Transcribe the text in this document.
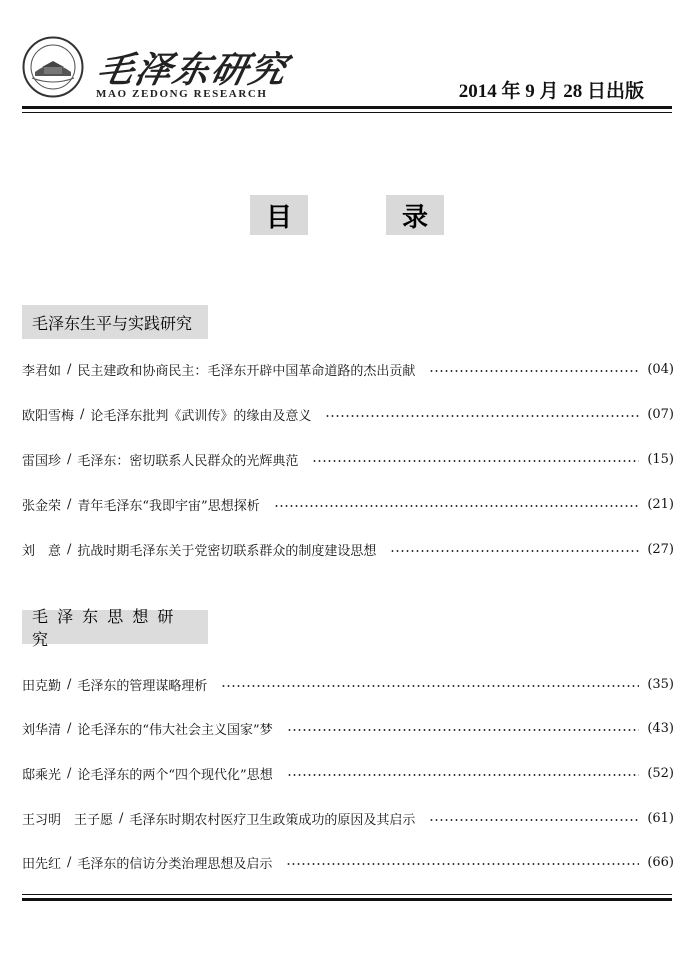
毛泽东研究
MAO ZEDONG RESEARCH	2014 年 9 月 28 日出版
目	录
毛泽东生平与实践研究
李君如 / 民主建政和协商民主：毛泽东开辟中国革命道路的杰出贡献	(04)
欧阳雪梅 / 论毛泽东批判《武训传》的缘由及意义	(07)
雷国珍 / 毛泽东：密切联系人民群众的光辉典范	(15)
张金荣 / 青年毛泽东“我即宇宙”思想探析	(21)
刘　意 / 抗战时期毛泽东关于党密切联系群众的制度建设思想	(27)
毛 泽 东 思 想 研 究
田克勤 / 毛泽东的管理谋略理析	(35)
刘华清 / 论毛泽东的“伟大社会主义国家”梦	(43)
邸乘光 / 论毛泽东的两个“四个现代化”思想	(52)
王习明　王子愿 / 毛泽东时期农村医疗卫生政策成功的原因及其启示	(61)
田先红 / 毛泽东的信访分类治理思想及启示	(66)
